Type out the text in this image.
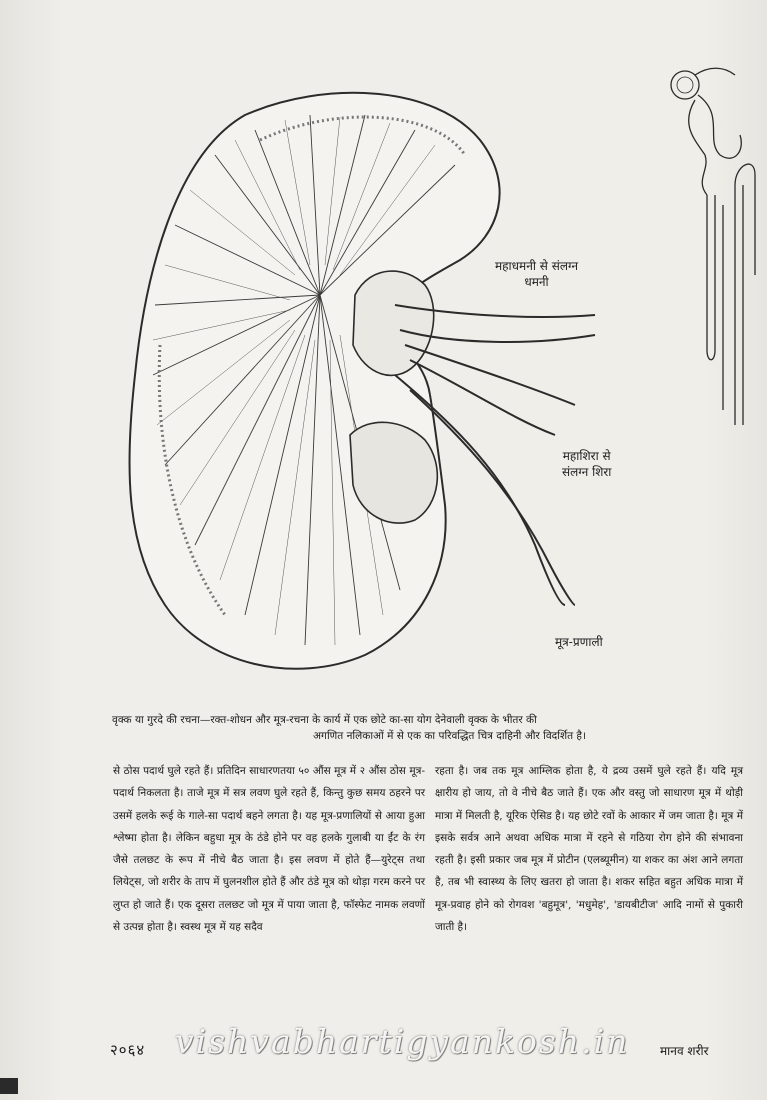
महाधमनी से संलग्न
धमनी
महाशिरा से
संलग्न शिरा
मूत्र-प्रणाली
वृक्क या गुरदे की रचना—रक्त-शोधन और मूत्र-रचना के कार्य में एक छोटे का-सा योग देनेवाली वृक्क के भीतर की
अगणित नलिकाओं में से एक का परिवद्धित चित्र दाहिनी और विदर्शित है।
से ठोस पदार्थ घुले रहते हैं। प्रतिदिन साधारणतया ५० औंस मूत्र में २ औंस ठोस मूत्र-पदार्थ निकलता है। ताजे मूत्र में सत्र लवण घुले रहते हैं, किन्तु कुछ समय ठहरने पर उसमें हलके रूई के गाले-सा पदार्थ बहने लगता है। यह मूत्र-प्रणालियों से आया हुआ श्लेष्मा होता है। लेकिन बहुधा मूत्र के ठंडे होने पर वह हलके गुलाबी या ईंट के रंग जैसे तलछट के रूप में नीचे बैठ जाता है। इस लवण में होते हैं—युरेट्स तथा लियेट्स, जो शरीर के ताप में घुलनशील होते हैं और ठंडे मूत्र को थोड़ा गरम करने पर लुप्त हो जाते हैं। एक दूसरा तलछट जो मूत्र में पाया जाता है, फॉस्फेट नामक लवणों से उत्पन्न होता है। स्वस्थ मूत्र में यह सदैव
रहता है। जब तक मूत्र आम्लिक होता है, ये द्रव्य उसमें घुले रहते हैं। यदि मूत्र क्षारीय हो जाय, तो वे नीचे बैठ जाते हैं। एक और वस्तु जो साधारण मूत्र में थोड़ी मात्रा में मिलती है, यूरिक ऐसिड है। यह छोटे रवों के आकार में जम जाता है। मूत्र में इसके सर्वत्र आने अथवा अधिक मात्रा में रहने से गठिया रोग होने की संभावना रहती है। इसी प्रकार जब मूत्र में प्रोटीन (एलब्यूमीन) या शकर का अंश आने लगता है, तब भी स्वास्थ्य के लिए खतरा हो जाता है। शकर सहित बहुत अधिक मात्रा में मूत्र-प्रवाह होने को रोगवश 'बहुमूत्र', 'मधुमेह', 'डायबीटीज' आदि नामों से पुकारी जाती है।
२०६४ vishvabhartigyankosh.in	मानव शरीर
